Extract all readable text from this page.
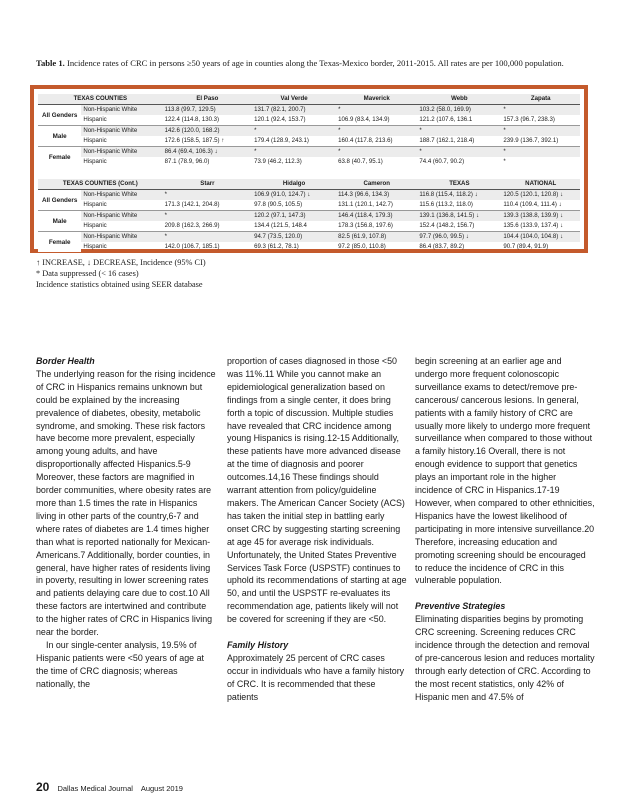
Table 1. Incidence rates of CRC in persons ≥50 years of age in counties along the Texas-Mexico border, 2011-2015. All rates are per 100,000 population.
TEXAS COUNTIES		El Paso	Val Verde	Maverick	Webb	Zapata
All Genders	Non-Hispanic White	113.8 (99.7, 129.5)	131.7 (82.1, 200.7)	*	103.2 (58.0, 169.9)	*
	Hispanic	122.4 (114.8, 130.3)	120.1 (92.4, 153.7)	106.9 (83.4, 134.9)	121.2 (107.6, 136.1	157.3 (96.7, 238.3)
Male	Non-Hispanic White	142.6 (120.0, 168.2)	*	*	*	*
	Hispanic	172.6 (158.5, 187.5) ↑	179.4 (128.9, 243.1)	160.4 (117.8, 213.6)	188.7 (162.1, 218.4)	239.9 (136.7, 392.1)
Female	Non-Hispanic White	86.4 (69.4, 106.3) ↓	*	*	*	*
	Hispanic	87.1 (78.9, 96.0)	73.9 (46.2, 112.3)	63.8 (40.7, 95.1)	74.4 (60.7, 90.2)	*
TEXAS COUNTIES (Cont.)		Starr	Hidalgo	Cameron	TEXAS	NATIONAL
All Genders	Non-Hispanic White	*	106.9 (91.0, 124.7) ↓	114.3 (96.6, 134.3)	116.8 (115.4, 118.2) ↓	120.5 (120.1, 120.8) ↓
	Hispanic	171.3 (142.1, 204.8)	97.8 (90.5, 105.5)	131.1 (120.1, 142.7)	115.6 (113.2, 118.0)	110.4 (109.4, 111.4) ↓
Male	Non-Hispanic White	*	120.2 (97.1, 147.3)	146.4 (118.4, 179.3)	139.1 (136.8, 141.5) ↓	139.3 (138.8, 139.9) ↓
	Hispanic	209.8 (162.3, 266.9)	134.4 (121.5, 148.4	178.3 (156.8, 197.6)	152.4 (148.2, 156.7)	135.6 (133.9, 137.4) ↓
Female	Non-Hispanic White	*	94.7 (73.5, 120.0)	82.5 (61.9, 107.8)	97.7 (96.0, 99.5) ↓	104.4 (104.0, 104.8) ↓
	Hispanic	142.0 (106.7, 185.1)	69.3 (61.2, 78.1)	97.2 (85.0, 110.8)	86.4 (83.7, 89.2)	90.7 (89.4, 91.9)
↑ INCREASE, ↓ DECREASE, Incidence (95% CI)
* Data suppressed (< 16 cases)
Incidence statistics obtained using SEER database

Border Health

The underlying reason for the rising incidence of CRC in Hispanics remains unknown but could be explained by the increasing prevalence of diabetes, obesity, metabolic syndrome, and smoking. These risk factors have become more prevalent, especially among young adults, and have disproportionally affected Hispanics.5-9 Moreover, these factors are magnified in border communities, where obesity rates are more than 1.5 times the rate in Hispanics living in other parts of the country,6-7 and where rates of diabetes are 1.4 times higher than what is reported nationally for Mexican-Americans.7 Additionally, border counties, in general, have higher rates of residents living in poverty, resulting in lower screening rates and patients delaying care due to cost.10 All these factors are intertwined and contribute to the higher rates of CRC in Hispanics living near the border.

In our single-center analysis, 19.5% of Hispanic patients were <50 years of age at the time of CRC diagnosis; whereas nationally, the

proportion of cases diagnosed in those <50 was 11%.11 While you cannot make an epidemiological generalization based on findings from a single center, it does bring forth a topic of discussion. Multiple studies have revealed that CRC incidence among young Hispanics is rising.12-15 Additionally, these patients have more advanced disease at the time of diagnosis and poorer outcomes.14,16 These findings should warrant attention from policy/guideline makers. The American Cancer Society (ACS) has taken the initial step in battling early onset CRC by suggesting starting screening at age 45 for average risk individuals. Unfortunately, the United States Preventive Services Task Force (USPSTF) continues to uphold its recommendations of starting at age 50, and until the USPSTF re-evaluates its recommendation age, patients likely will not be covered for screening if they are <50.

Family History

Approximately 25 percent of CRC cases occur in individuals who have a family history of CRC. It is recommended that these patients

begin screening at an earlier age and undergo more frequent colonoscopic surveillance exams to detect/remove pre-cancerous/ cancerous lesions. In general, patients with a family history of CRC are usually more likely to undergo more frequent surveillance when compared to those without a family history.16 Overall, there is not enough evidence to support that genetics plays an important role in the higher incidence of CRC in Hispanics.17-19 However, when compared to other ethnicities, Hispanics have the lowest likelihood of participating in more intensive surveillance.20 Therefore, increasing education and promoting screening should be encouraged to reduce the incidence of CRC in this vulnerable population.

Preventive Strategies

Eliminating disparities begins by promoting CRC screening. Screening reduces CRC incidence through the detection and removal of pre-cancerous lesion and reduces mortality through early detection of CRC. According to the most recent statistics, only 42% of Hispanic men and 47.5% of

20 Dallas Medical Journal August 2019
